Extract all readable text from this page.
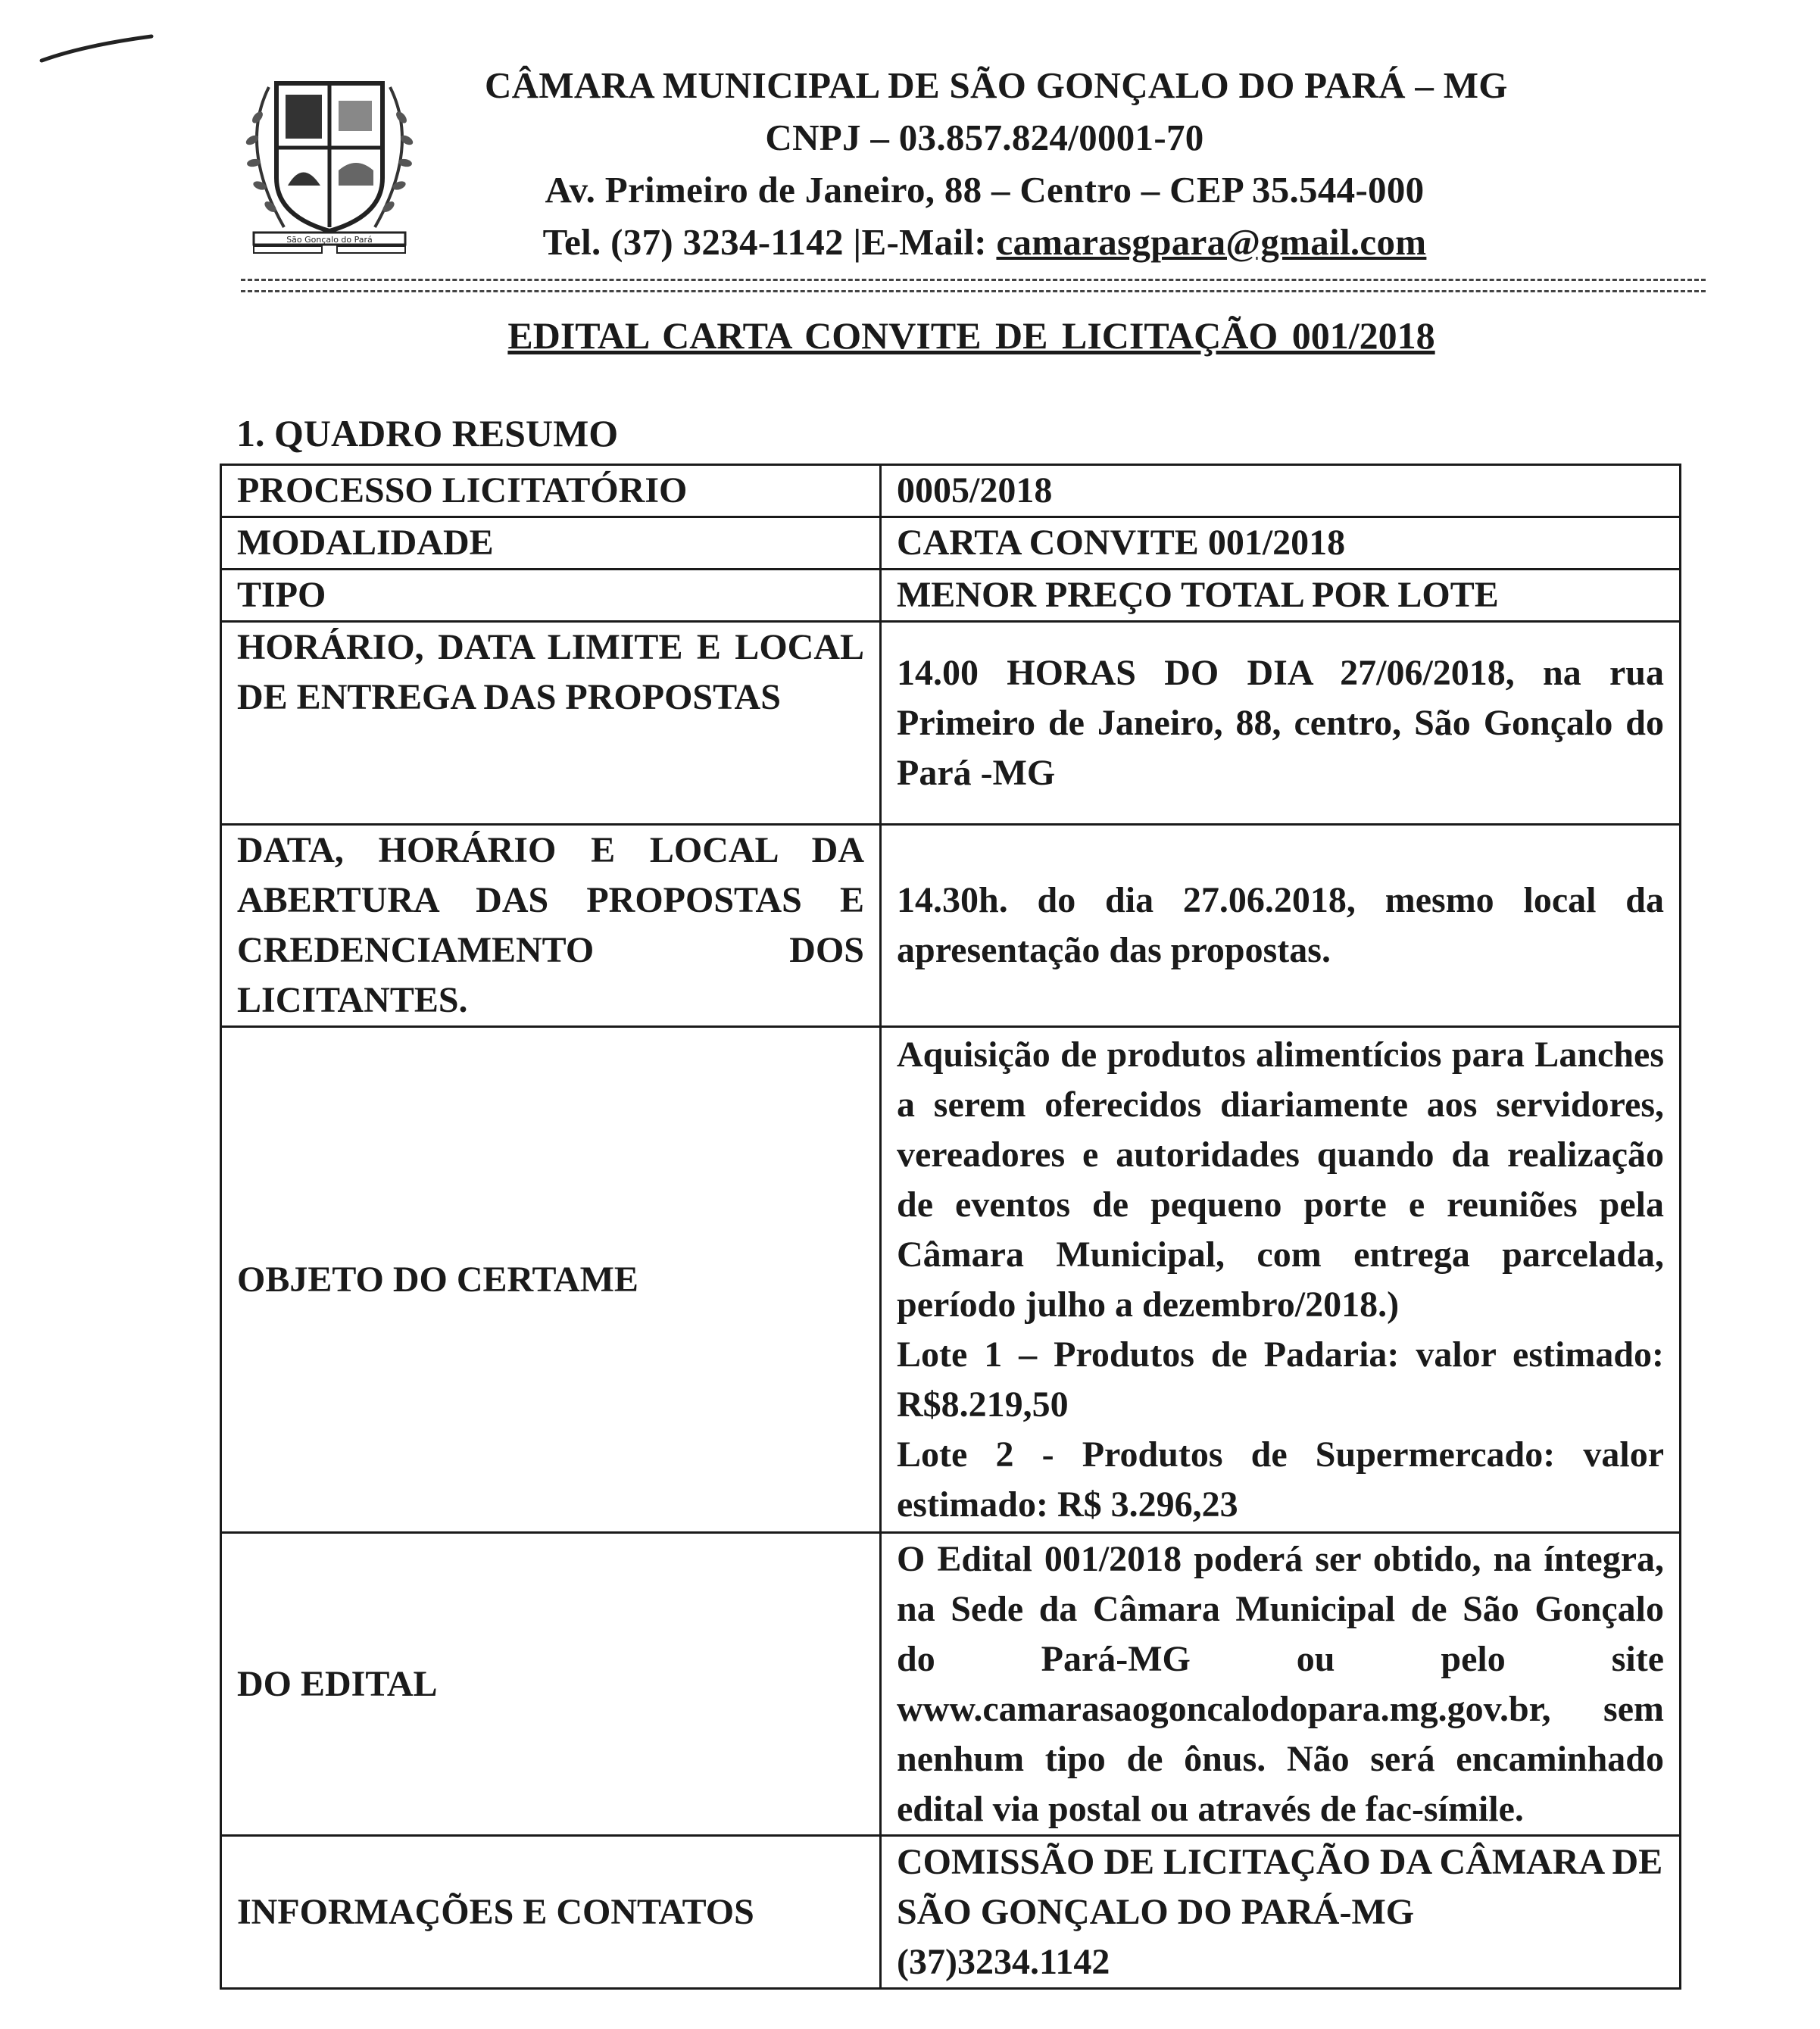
São Gonçalo do Pará
CÂMARA MUNICIPAL DE SÃO GONÇALO DO PARÁ – MG
CNPJ – 03.857.824/0001-70
Av. Primeiro de Janeiro, 88 – Centro – CEP 35.544-000
Tel. (37) 3234-1142 |E-Mail: camarasgpara@gmail.com
EDITAL CARTA CONVITE DE LICITAÇÃO 001/2018
1. QUADRO RESUMO
PROCESSO LICITATÓRIO	0005/2018
MODALIDADE	CARTA CONVITE 001/2018
TIPO	MENOR PREÇO TOTAL POR LOTE
HORÁRIO, DATA LIMITE E LOCAL DE ENTREGA DAS PROPOSTAS	14.00 HORAS DO DIA 27/06/2018, na rua Primeiro de Janeiro, 88, centro, São Gonçalo do Pará -MG
DATA, HORÁRIO E LOCAL DA ABERTURA DAS PROPOSTAS E CREDENCIAMENTO DOS LICITANTES.	14.30h. do dia 27.06.2018, mesmo local da apresentação das propostas.
OBJETO DO CERTAME	Aquisição de produtos alimentícios para Lanches a serem oferecidos diariamente aos servidores, vereadores e autoridades quando da realização de eventos de pequeno porte e reuniões pela Câmara Municipal, com entrega parcelada, período julho a dezembro/2018.)
Lote 1 – Produtos de Padaria: valor estimado: R$8.219,50
Lote 2 - Produtos de Supermercado: valor estimado: R$ 3.296,23

DO EDITAL	O Edital 001/2018 poderá ser obtido, na íntegra, na Sede da Câmara Municipal de São Gonçalo do Pará-MG ou pelo site www.camarasaogoncalodopara.mg.gov.br, sem nenhum tipo de ônus. Não será encaminhado edital via postal ou através de fac-símile.
INFORMAÇÕES E CONTATOS	COMISSÃO DE LICITAÇÃO DA CÂMARA DE SÃO GONÇALO DO PARÁ-MG
(37)3234.1142
